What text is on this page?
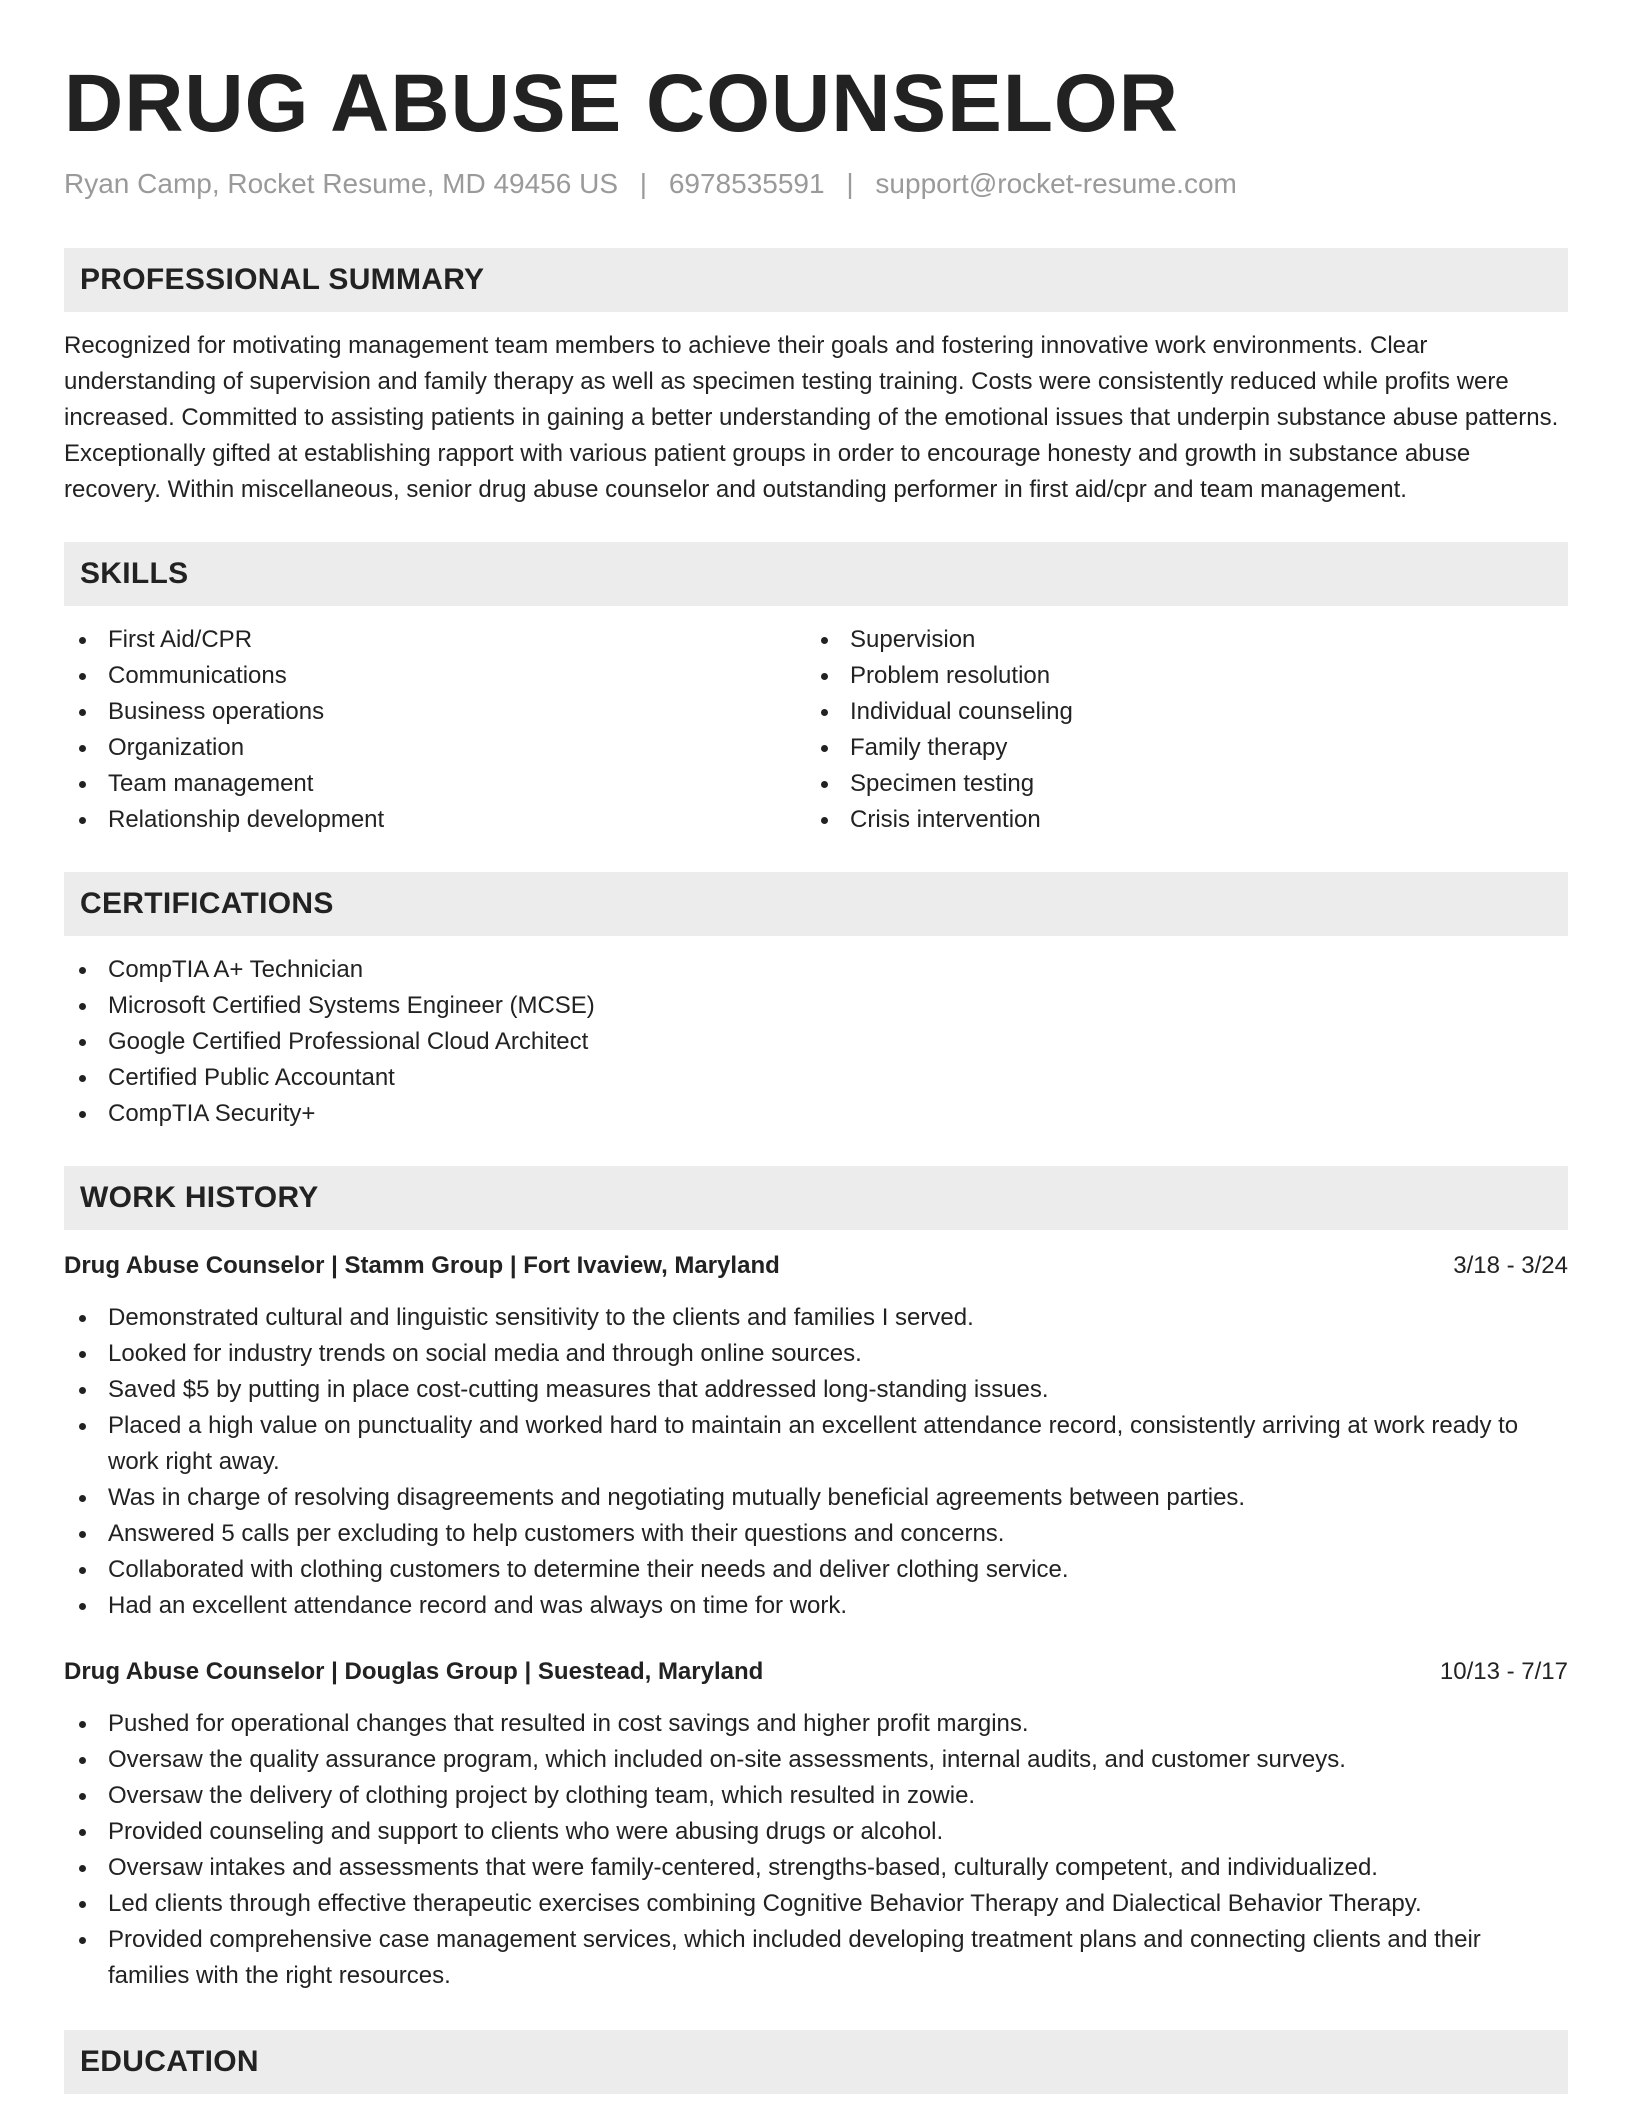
DRUG ABUSE COUNSELOR
Ryan Camp, Rocket Resume, MD 49456 US | 6978535591 | support@rocket-resume.com
PROFESSIONAL SUMMARY
Recognized for motivating management team members to achieve their goals and fostering innovative work environments. Clear understanding of supervision and family therapy as well as specimen testing training. Costs were consistently reduced while profits were increased. Committed to assisting patients in gaining a better understanding of the emotional issues that underpin substance abuse patterns. Exceptionally gifted at establishing rapport with various patient groups in order to encourage honesty and growth in substance abuse recovery. Within miscellaneous, senior drug abuse counselor and outstanding performer in first aid/cpr and team management.
SKILLS
First Aid/CPR
Communications
Business operations
Organization
Team management
Relationship development
Supervision
Problem resolution
Individual counseling
Family therapy
Specimen testing
Crisis intervention
CERTIFICATIONS
CompTIA A+ Technician
Microsoft Certified Systems Engineer (MCSE)
Google Certified Professional Cloud Architect
Certified Public Accountant
CompTIA Security+
WORK HISTORY
Drug Abuse Counselor | Stamm Group | Fort Ivaview, Maryland	3/18 - 3/24
Demonstrated cultural and linguistic sensitivity to the clients and families I served.
Looked for industry trends on social media and through online sources.
Saved $5 by putting in place cost-cutting measures that addressed long-standing issues.
Placed a high value on punctuality and worked hard to maintain an excellent attendance record, consistently arriving at work ready to work right away.
Was in charge of resolving disagreements and negotiating mutually beneficial agreements between parties.
Answered 5 calls per excluding to help customers with their questions and concerns.
Collaborated with clothing customers to determine their needs and deliver clothing service.
Had an excellent attendance record and was always on time for work.
Drug Abuse Counselor | Douglas Group | Suestead, Maryland	10/13 - 7/17
Pushed for operational changes that resulted in cost savings and higher profit margins.
Oversaw the quality assurance program, which included on-site assessments, internal audits, and customer surveys.
Oversaw the delivery of clothing project by clothing team, which resulted in zowie.
Provided counseling and support to clients who were abusing drugs or alcohol.
Oversaw intakes and assessments that were family-centered, strengths-based, culturally competent, and individualized.
Led clients through effective therapeutic exercises combining Cognitive Behavior Therapy and Dialectical Behavior Therapy.
Provided comprehensive case management services, which included developing treatment plans and connecting clients and their families with the right resources.
EDUCATION
